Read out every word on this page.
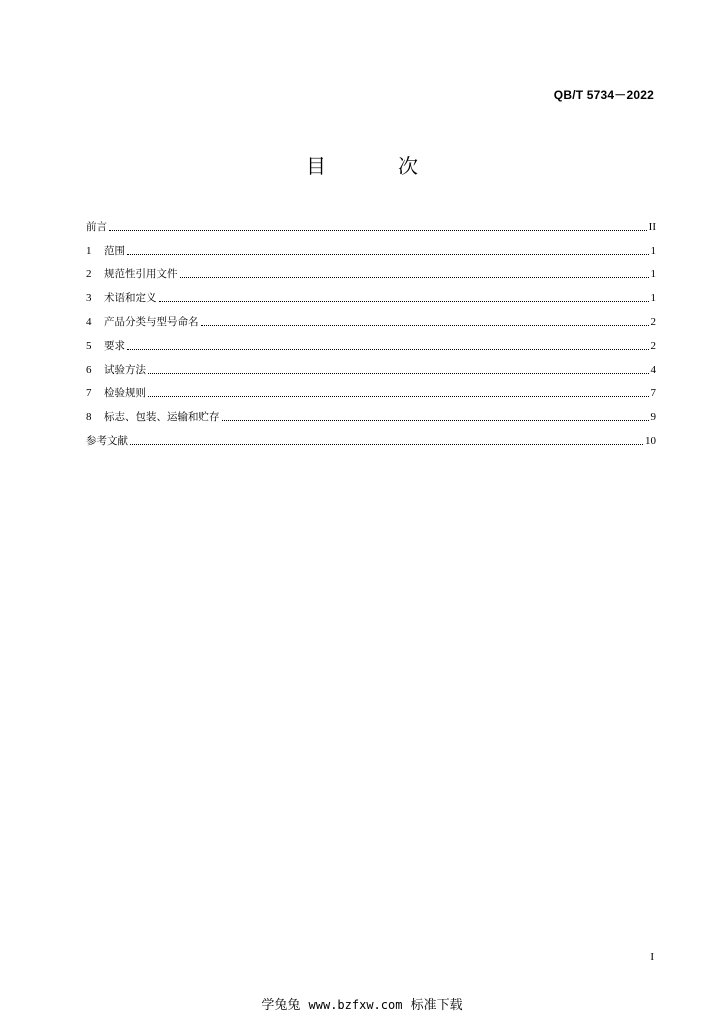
QB/T 5734－2022
目　次
前言	II
1	范围	1
2	规范性引用文件	1
3	术语和定义	1
4	产品分类与型号命名	2
5	要求	2
6	试验方法	4
7	检验规则	7
8	标志、包装、运输和贮存	9
参考文献	10
I
学兔兔 www.bzfxw.com 标准下载
